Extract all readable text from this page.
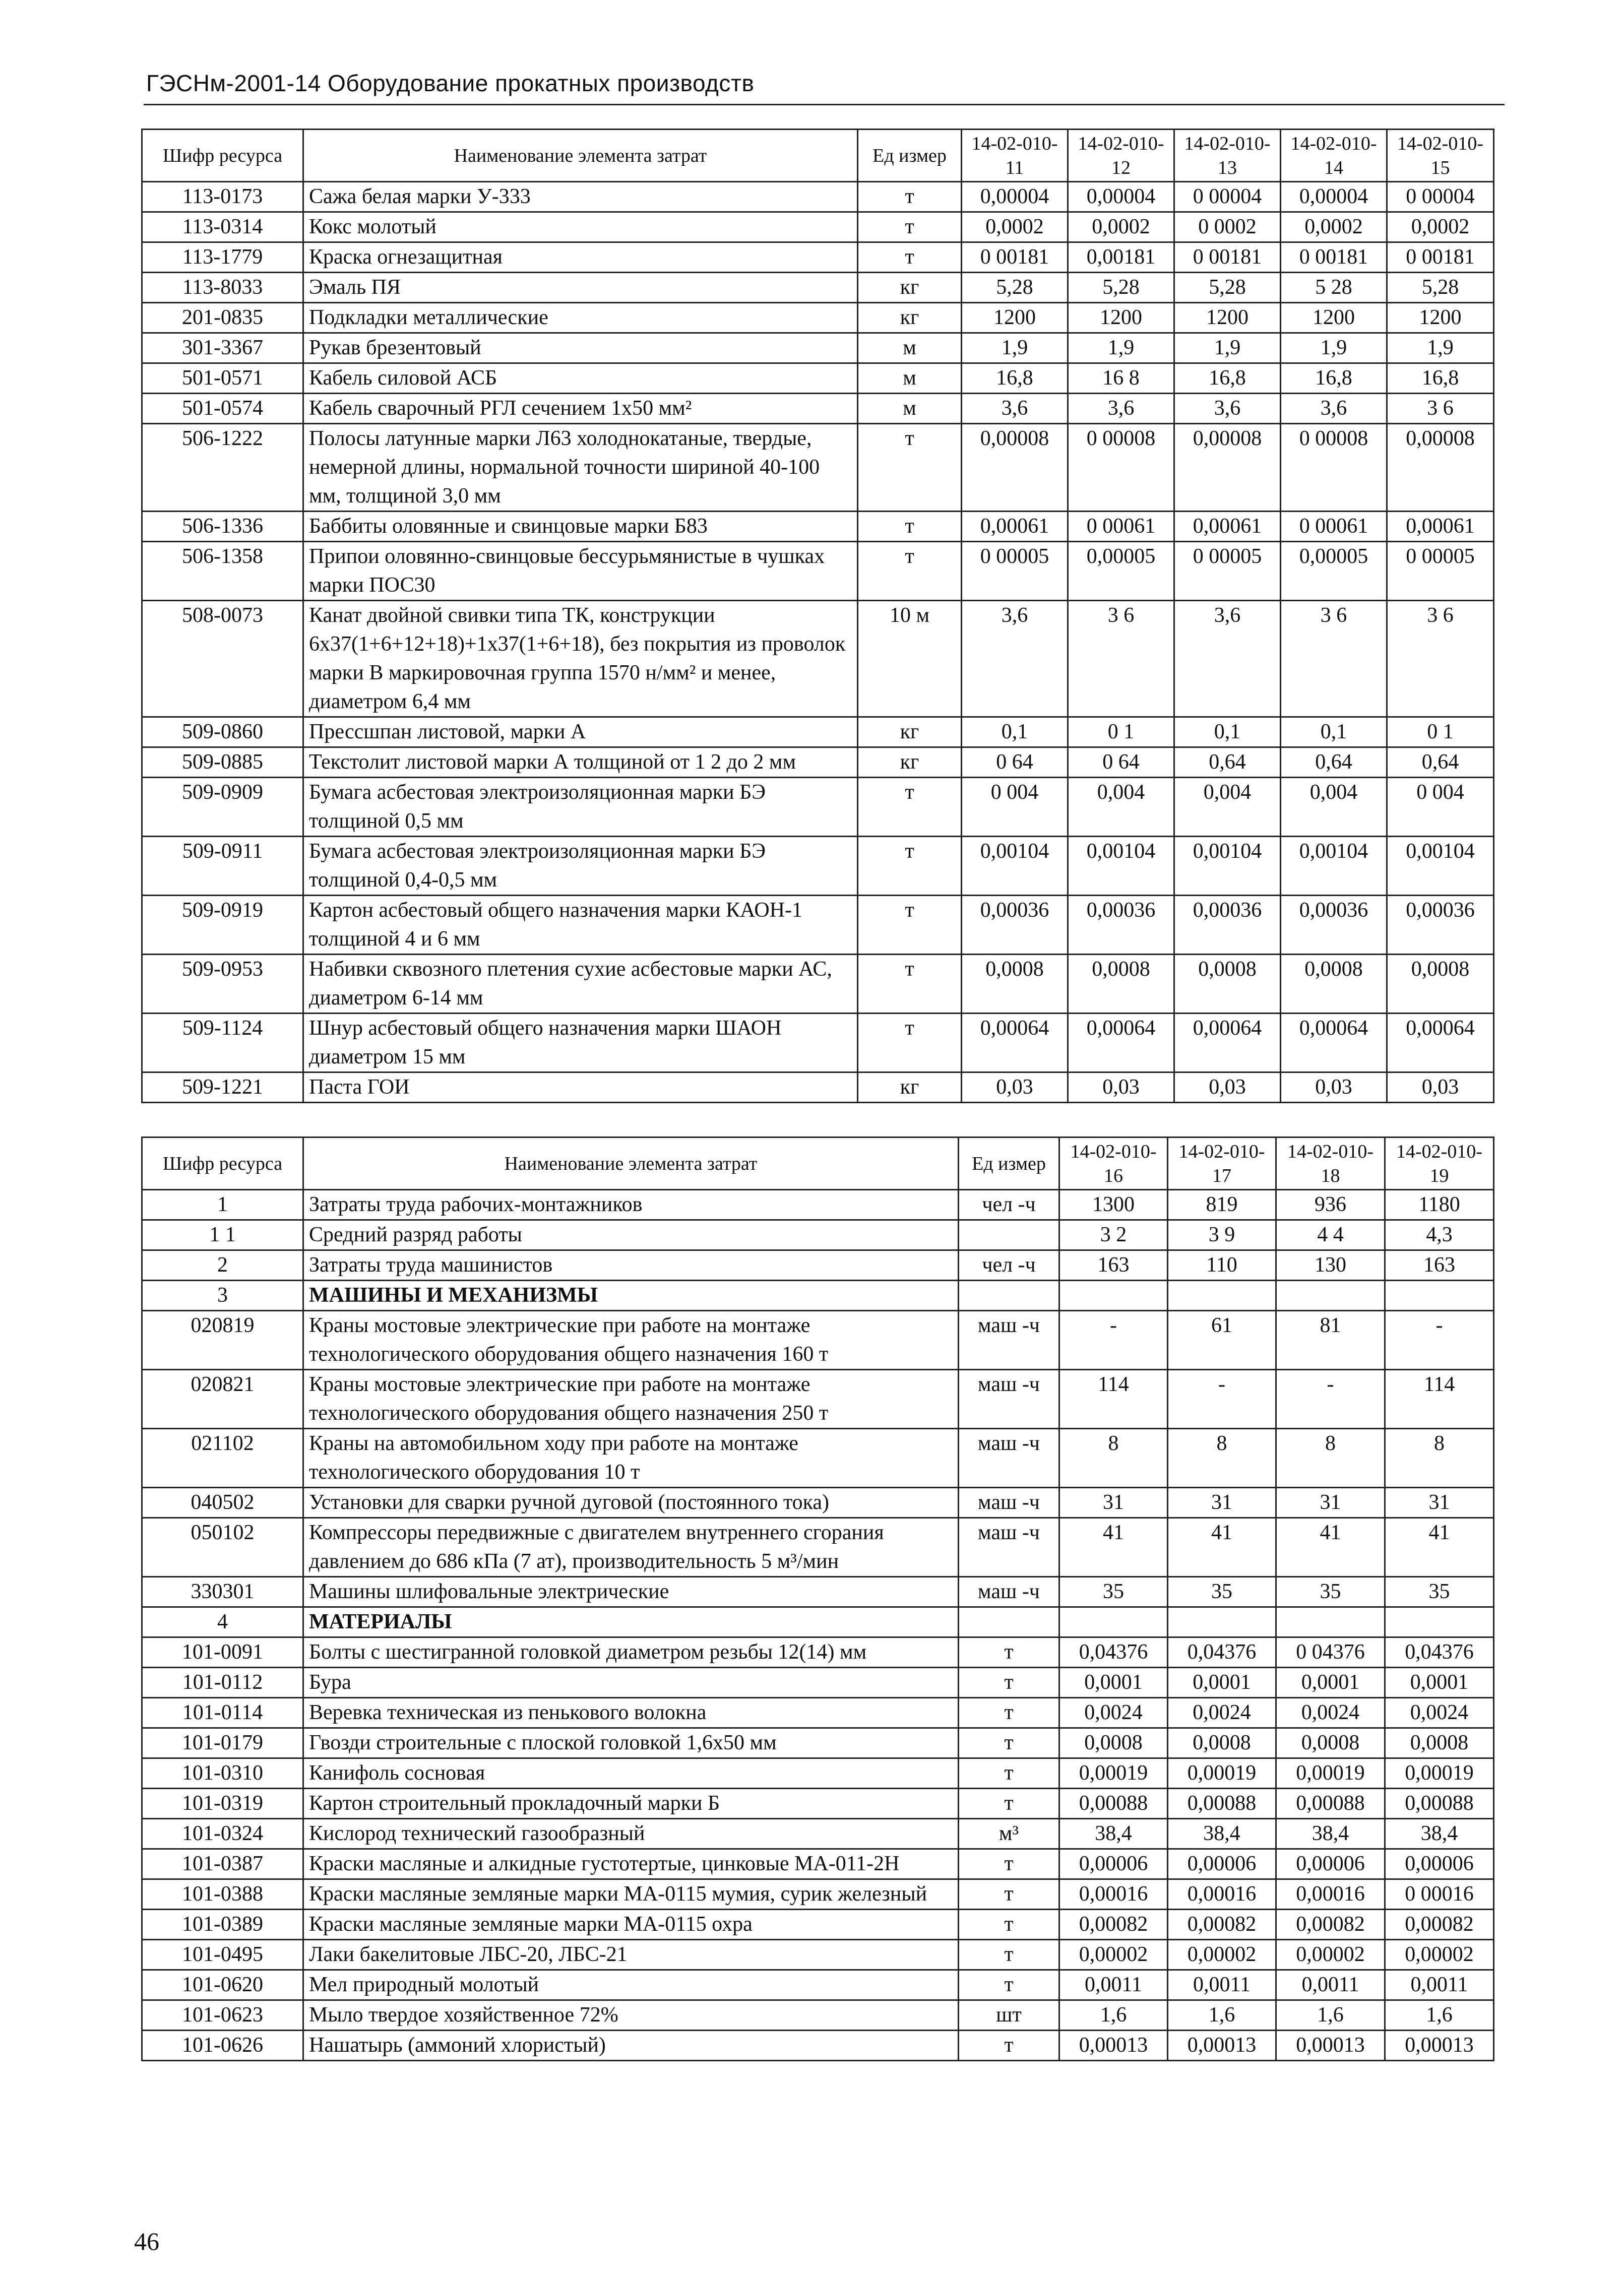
ГЭСНм-2001-14 Оборудование прокатных производств
Шифр ресурса	Наименование элемента затрат	Ед измер	14-02-010-11	14-02-010-12	14-02-010-13	14-02-010-14	14-02-010-15
113-0173	Сажа белая марки У-333	т	0,00004	0,00004	0 00004	0,00004	0 00004
113-0314	Кокс молотый	т	0,0002	0,0002	0 0002	0,0002	0,0002
113-1779	Краска огнезащитная	т	0 00181	0,00181	0 00181	0 00181	0 00181
113-8033	Эмаль ПЯ	кг	5,28	5,28	5,28	5 28	5,28
201-0835	Подкладки металлические	кг	1200	1200	1200	1200	1200
301-3367	Рукав брезентовый	м	1,9	1,9	1,9	1,9	1,9
501-0571	Кабель силовой АСБ	м	16,8	16 8	16,8	16,8	16,8
501-0574	Кабель сварочный РГЛ сечением 1х50 мм²	м	3,6	3,6	3,6	3,6	3 6
506-1222	Полосы латунные марки Л63 холоднокатаные, твердые, немерной длины, нормальной точности шириной 40-100 мм, толщиной 3,0 мм	т	0,00008	0 00008	0,00008	0 00008	0,00008
506-1336	Баббиты оловянные и свинцовые марки Б83	т	0,00061	0 00061	0,00061	0 00061	0,00061
506-1358	Припои оловянно-свинцовые бессурьмянистые в чушках марки ПОС30	т	0 00005	0,00005	0 00005	0,00005	0 00005
508-0073	Канат двойной свивки типа ТК, конструкции 6х37(1+6+12+18)+1х37(1+6+18), без покрытия из проволок марки В маркировочная группа 1570 н/мм² и менее, диаметром 6,4 мм	10 м	3,6	3 6	3,6	3 6	3 6
509-0860	Прессшпан листовой, марки А	кг	0,1	0 1	0,1	0,1	0 1
509-0885	Текстолит листовой марки А толщиной от 1 2 до 2 мм	кг	0 64	0 64	0,64	0,64	0,64
509-0909	Бумага асбестовая электроизоляционная марки БЭ толщиной 0,5 мм	т	0 004	0,004	0,004	0,004	0 004
509-0911	Бумага асбестовая электроизоляционная марки БЭ толщиной 0,4-0,5 мм	т	0,00104	0,00104	0,00104	0,00104	0,00104
509-0919	Картон асбестовый общего назначения марки КАОН-1 толщиной 4 и 6 мм	т	0,00036	0,00036	0,00036	0,00036	0,00036
509-0953	Набивки сквозного плетения сухие асбестовые марки АС, диаметром 6-14 мм	т	0,0008	0,0008	0,0008	0,0008	0,0008
509-1124	Шнур асбестовый общего назначения марки ШАОН диаметром 15 мм	т	0,00064	0,00064	0,00064	0,00064	0,00064
509-1221	Паста ГОИ	кг	0,03	0,03	0,03	0,03	0,03
Шифр ресурса	Наименование элемента затрат	Ед измер	14-02-010-16	14-02-010-17	14-02-010-18	14-02-010-19
1	Затраты труда рабочих-монтажников	чел -ч	1300	819	936	1180
1 1	Средний разряд работы		3 2	3 9	4 4	4,3
2	Затраты труда машинистов	чел -ч	163	110	130	163
3	МАШИНЫ И МЕХАНИЗМЫ					
020819	Краны мостовые электрические при работе на монтаже технологического оборудования общего назначения 160 т	маш -ч	-	61	81	-
020821	Краны мостовые электрические при работе на монтаже технологического оборудования общего назначения 250 т	маш -ч	114	-	-	114
021102	Краны на автомобильном ходу при работе на монтаже технологического оборудования 10 т	маш -ч	8	8	8	8
040502	Установки для сварки ручной дуговой (постоянного тока)	маш -ч	31	31	31	31
050102	Компрессоры передвижные с двигателем внутреннего сгорания давлением до 686 кПа (7 ат), производительность 5 м³/мин	маш -ч	41	41	41	41
330301	Машины шлифовальные электрические	маш -ч	35	35	35	35
4	МАТЕРИАЛЫ					
101-0091	Болты с шестигранной головкой диаметром резьбы 12(14) мм	т	0,04376	0,04376	0 04376	0,04376
101-0112	Бура	т	0,0001	0,0001	0,0001	0,0001
101-0114	Веревка техническая из пенькового волокна	т	0,0024	0,0024	0,0024	0,0024
101-0179	Гвозди строительные с плоской головкой 1,6х50 мм	т	0,0008	0,0008	0,0008	0,0008
101-0310	Канифоль сосновая	т	0,00019	0,00019	0,00019	0,00019
101-0319	Картон строительный прокладочный марки Б	т	0,00088	0,00088	0,00088	0,00088
101-0324	Кислород технический газообразный	м³	38,4	38,4	38,4	38,4
101-0387	Краски масляные и алкидные густотертые, цинковые МА-011-2Н	т	0,00006	0,00006	0,00006	0,00006
101-0388	Краски масляные земляные марки МА-0115 мумия, сурик железный	т	0,00016	0,00016	0,00016	0 00016
101-0389	Краски масляные земляные марки МА-0115 охра	т	0,00082	0,00082	0,00082	0,00082
101-0495	Лаки бакелитовые ЛБС-20, ЛБС-21	т	0,00002	0,00002	0,00002	0,00002
101-0620	Мел природный молотый	т	0,0011	0,0011	0,0011	0,0011
101-0623	Мыло твердое хозяйственное 72%	шт	1,6	1,6	1,6	1,6
101-0626	Нашатырь (аммоний хлористый)	т	0,00013	0,00013	0,00013	0,00013
46
